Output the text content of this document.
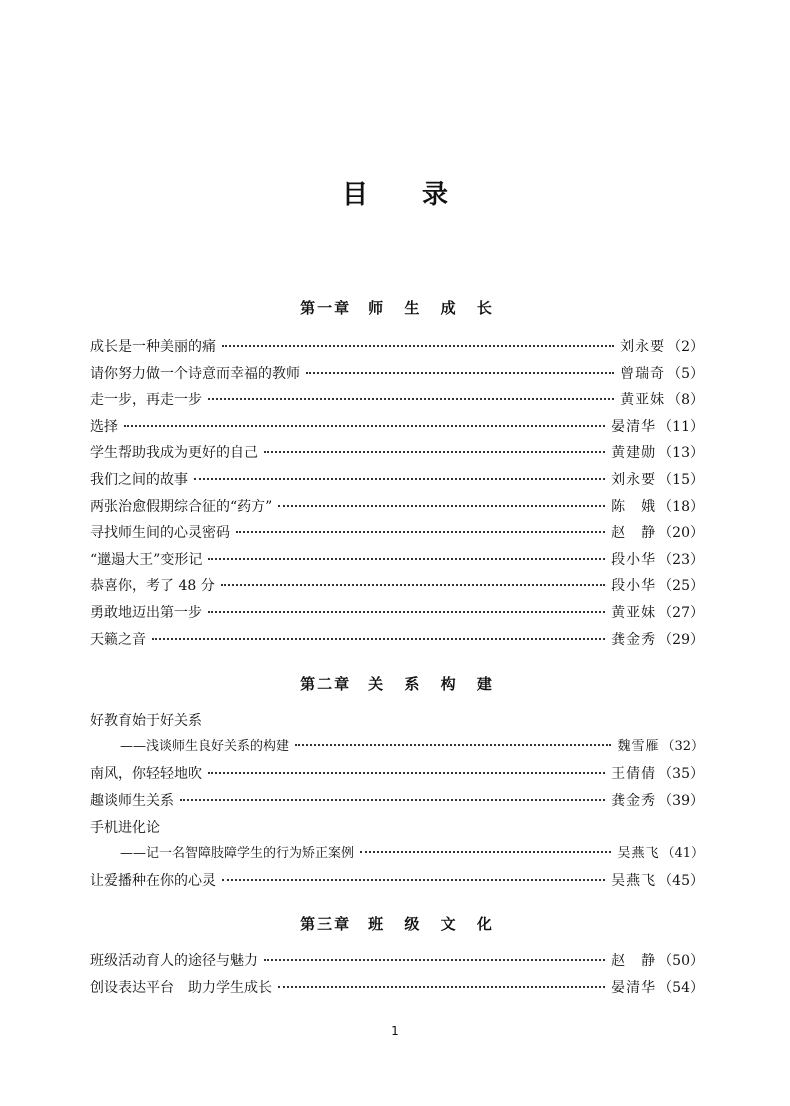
目录
第一章　师 生 成 长
成长是一种美丽的痛	刘永要 （2）
请你努力做一个诗意而幸福的教师	曾瑞奇 （5）
走一步，再走一步	黄亚妹 （8）
选择	晏清华 （11）
学生帮助我成为更好的自己	黄建勋 （13）
我们之间的故事	刘永要 （15）
两张治愈假期综合征的“药方”	陈　娥 （18）
寻找师生间的心灵密码	赵　静 （20）
“邋遢大王”变形记	段小华 （23）
恭喜你，考了 48 分	段小华 （25）
勇敢地迈出第一步	黄亚妹 （27）
天籁之音	龚金秀 （29）
第二章　关 系 构 建
好教育始于好关系
——浅谈师生良好关系的构建	魏雪雁 （32）
南风，你轻轻地吹	王倩倩 （35）
趣谈师生关系	龚金秀 （39）
手机进化论
——记一名智障肢障学生的行为矫正案例	吴燕飞 （41）
让爱播种在你的心灵	吴燕飞 （45）
第三章　班 级 文 化
班级活动育人的途径与魅力	赵　静 （50）
创设表达平台　助力学生成长	晏清华 （54）
1
